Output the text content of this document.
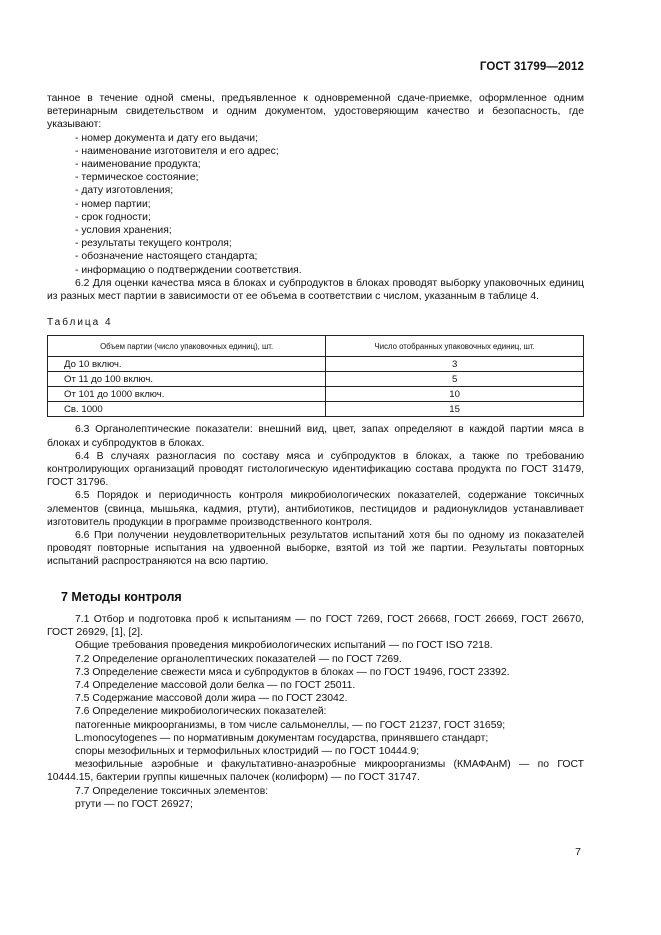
ГОСТ 31799—2012

танное в течение одной смены, предъявленное к одновременной сдаче-приемке, оформленное одним ветеринарным свидетельством и одним документом, удостоверяющим качество и безопасность, где указывают:

- номер документа и дату его выдачи;
- наименование изготовителя и его адрес;
- наименование продукта;
- термическое состояние;
- дату изготовления;
- номер партии;
- срок годности;
- условия хранения;
- результаты текущего контроля;
- обозначение настоящего стандарта;
- информацию о подтверждении соответствия.

6.2 Для оценки качества мяса в блоках и субпродуктов в блоках проводят выборку упаковочных единиц из разных мест партии в зависимости от ее объема в соответствии с числом, указанным в таблице 4.

Таблица 4
Объем партии (число упаковочных единиц), шт.	Число отобранных упаковочных единиц, шт.
До 10 включ.	3
От 11 до 100 включ.	5
От 101 до 1000 включ.	10
Св. 1000	15

6.3 Органолептические показатели: внешний вид, цвет, запах определяют в каждой партии мяса в блоках и субпродуктов в блоках.

6.4 В случаях разногласия по составу мяса и субпродуктов в блоках, а также по требованию контролирующих организаций проводят гистологическую идентификацию состава продукта по ГОСТ 31479, ГОСТ 31796.

6.5 Порядок и периодичность контроля микробиологических показателей, содержание токсичных элементов (свинца, мышьяка, кадмия, ртути), антибиотиков, пестицидов и радионуклидов устанавливает изготовитель продукции в программе производственного контроля.

6.6 При получении неудовлетворительных результатов испытаний хотя бы по одному из показателей проводят повторные испытания на удвоенной выборке, взятой из той же партии. Результаты повторных испытаний распространяются на всю партию.

7 Методы контроля

7.1 Отбор и подготовка проб к испытаниям — по ГОСТ 7269, ГОСТ 26668, ГОСТ 26669, ГОСТ 26670, ГОСТ 26929, [1], [2].

Общие требования проведения микробиологических испытаний — по ГОСТ ISO 7218.

7.2 Определение органолептических показателей — по ГОСТ 7269.

7.3 Определение свежести мяса и субпродуктов в блоках — по ГОСТ 19496, ГОСТ 23392.

7.4 Определение массовой доли белка — по ГОСТ 25011.

7.5 Содержание массовой доли жира — по ГОСТ 23042.

7.6 Определение микробиологических показателей:

патогенные микроорганизмы, в том числе сальмонеллы, — по ГОСТ 21237, ГОСТ 31659;

L.monocytogenes — по нормативным документам государства, принявшего стандарт;

споры мезофильных и термофильных клостридий — по ГОСТ 10444.9;

мезофильные аэробные и факультативно-анаэробные микроорганизмы (КМАФАнМ) — по ГОСТ 10444.15, бактерии группы кишечных палочек (колиформ) — по ГОСТ 31747.

7.7 Определение токсичных элементов:

ртути — по ГОСТ 26927;

7
